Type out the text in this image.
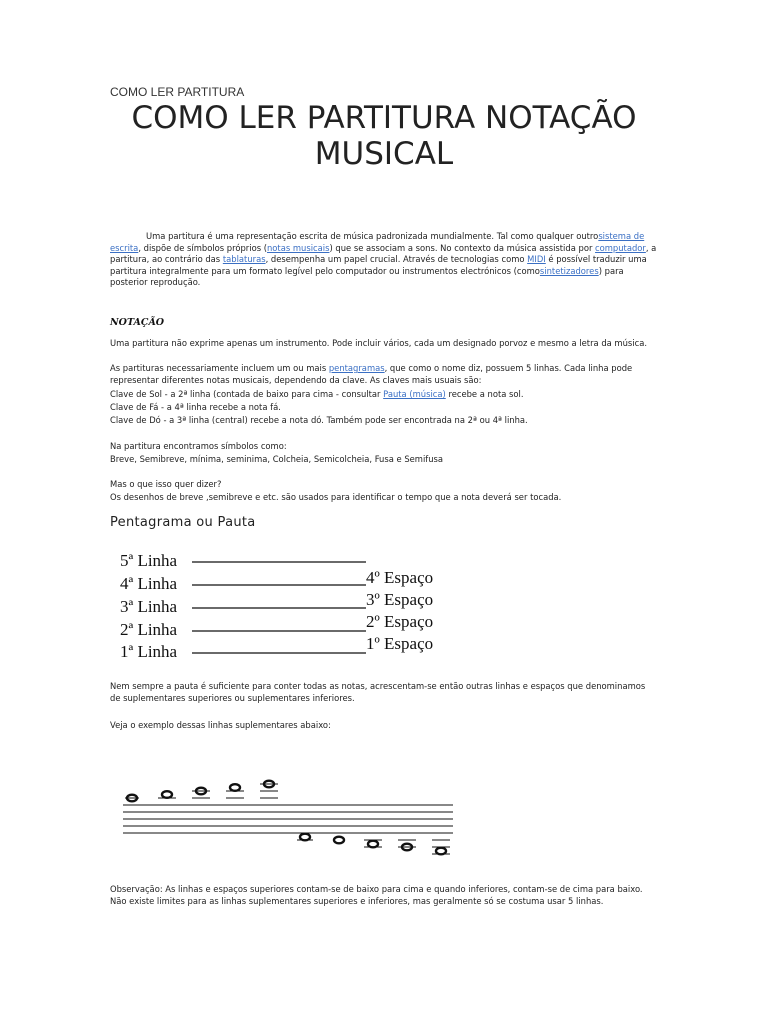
COMO LER PARTITURA
COMO LER PARTITURA NOTAÇÃO MUSICAL
Uma partitura é uma representação escrita de música padronizada mundialmente. Tal como qualquer outrosistema de escrita, dispõe de símbolos próprios (notas musicais) que se associam a sons. No contexto da música assistida por computador, a partitura, ao contrário das tablaturas, desempenha um papel crucial. Através de tecnologias como MIDI é possível traduzir uma partitura integralmente para um formato legível pelo computador ou instrumentos electrónicos (comosintetizadores) para posterior reprodução.
NOTAÇÃO
Uma partitura não exprime apenas um instrumento. Pode incluir vários, cada um designado porvoz e mesmo a letra da música.
As partituras necessariamente incluem um ou mais pentagramas, que como o nome diz, possuem 5 linhas. Cada linha pode representar diferentes notas musicais, dependendo da clave. As claves mais usuais são:
Clave de Sol - a 2ª linha (contada de baixo para cima - consultar Pauta (música) recebe a nota sol.
Clave de Fá - a 4ª linha recebe a nota fá.
Clave de Dó - a 3ª linha (central) recebe a nota dó. Também pode ser encontrada na 2ª ou 4ª linha.
Na partitura encontramos símbolos como:
Breve, Semibreve, mínima, seminima, Colcheia, Semicolcheia, Fusa e Semifusa
Mas o que isso quer dizer?
Os desenhos de breve ,semibreve e etc. são usados para identificar o tempo que a nota deverá ser tocada.
Pentagrama ou Pauta
5ª Linha
4ª Linha
3ª Linha
2ª Linha
1ª Linha
4º Espaço
3º Espaço
2º Espaço
1º Espaço
Nem sempre a pauta é suficiente para conter todas as notas, acrescentam-se então outras linhas e espaços que denominamos de suplementares superiores ou suplementares inferiores.
Veja o exemplo dessas linhas suplementares abaixo:
Observação: As linhas e espaços superiores contam-se de baixo para cima e quando inferiores, contam-se de cima para baixo. Não existe limites para as linhas suplementares superiores e inferiores, mas geralmente só se costuma usar 5 linhas.
